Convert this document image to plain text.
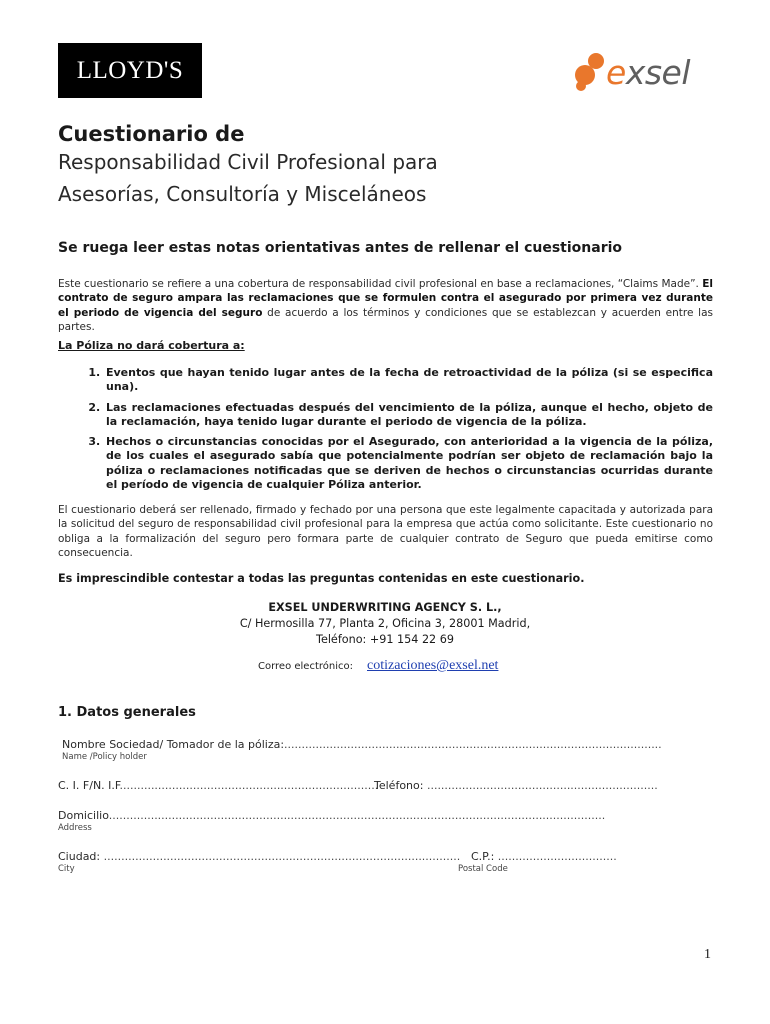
LLOYD'S	exsel
Cuestionario de
Responsabilidad Civil Profesional para
Asesorías, Consultoría y Misceláneos
Se ruega leer estas notas orientativas antes de rellenar el cuestionario

Este cuestionario se refiere a una cobertura de responsabilidad civil profesional en base a reclamaciones, “Claims Made”. El contrato de seguro ampara las reclamaciones que se formulen contra el asegurado por primera vez durante el periodo de vigencia del seguro de acuerdo a los términos y condiciones que se establezcan y acuerden entre las partes.

La Póliza no dará cobertura a:
1. Eventos que hayan tenido lugar antes de la fecha de retroactividad de la póliza (si se especifica una).
2. Las reclamaciones efectuadas después del vencimiento de la póliza, aunque el hecho, objeto de la reclamación, haya tenido lugar durante el periodo de vigencia de la póliza.
3. Hechos o circunstancias conocidas por el Asegurado, con anterioridad a la vigencia de la póliza, de los cuales el asegurado sabía que potencialmente podrían ser objeto de reclamación bajo la póliza o reclamaciones notificadas que se deriven de hechos o circunstancias ocurridas durante el período de vigencia de cualquier Póliza anterior.

El cuestionario deberá ser rellenado, firmado y fechado por una persona que este legalmente capacitada y autorizada para la solicitud del seguro de responsabilidad civil profesional para la empresa que actúa como solicitante. Este cuestionario no obliga a la formalización del seguro pero formara parte de cualquier contrato de Seguro que pueda emitirse como consecuencia.

Es imprescindible contestar a todas las preguntas contenidas en este cuestionario.
EXSEL UNDERWRITING AGENCY S. L.,
C/ Hermosilla 77, Planta 2, Oficina 3, 28001 Madrid,
Teléfono: +91 154 22 69
Correo electrónico: cotizaciones@exsel.net
1. Datos generales
Nombre Sociedad/ Tomador de la póliza:............................................................................................................
Name /Policy holder
C. I. F/N. I.F..........................................................................
Teléfono: ..................................................................
Domicilio..............................................................................................................................................
Address
Ciudad: ......................................................................................................
City
C.P.: ..................................
Postal Code
1
